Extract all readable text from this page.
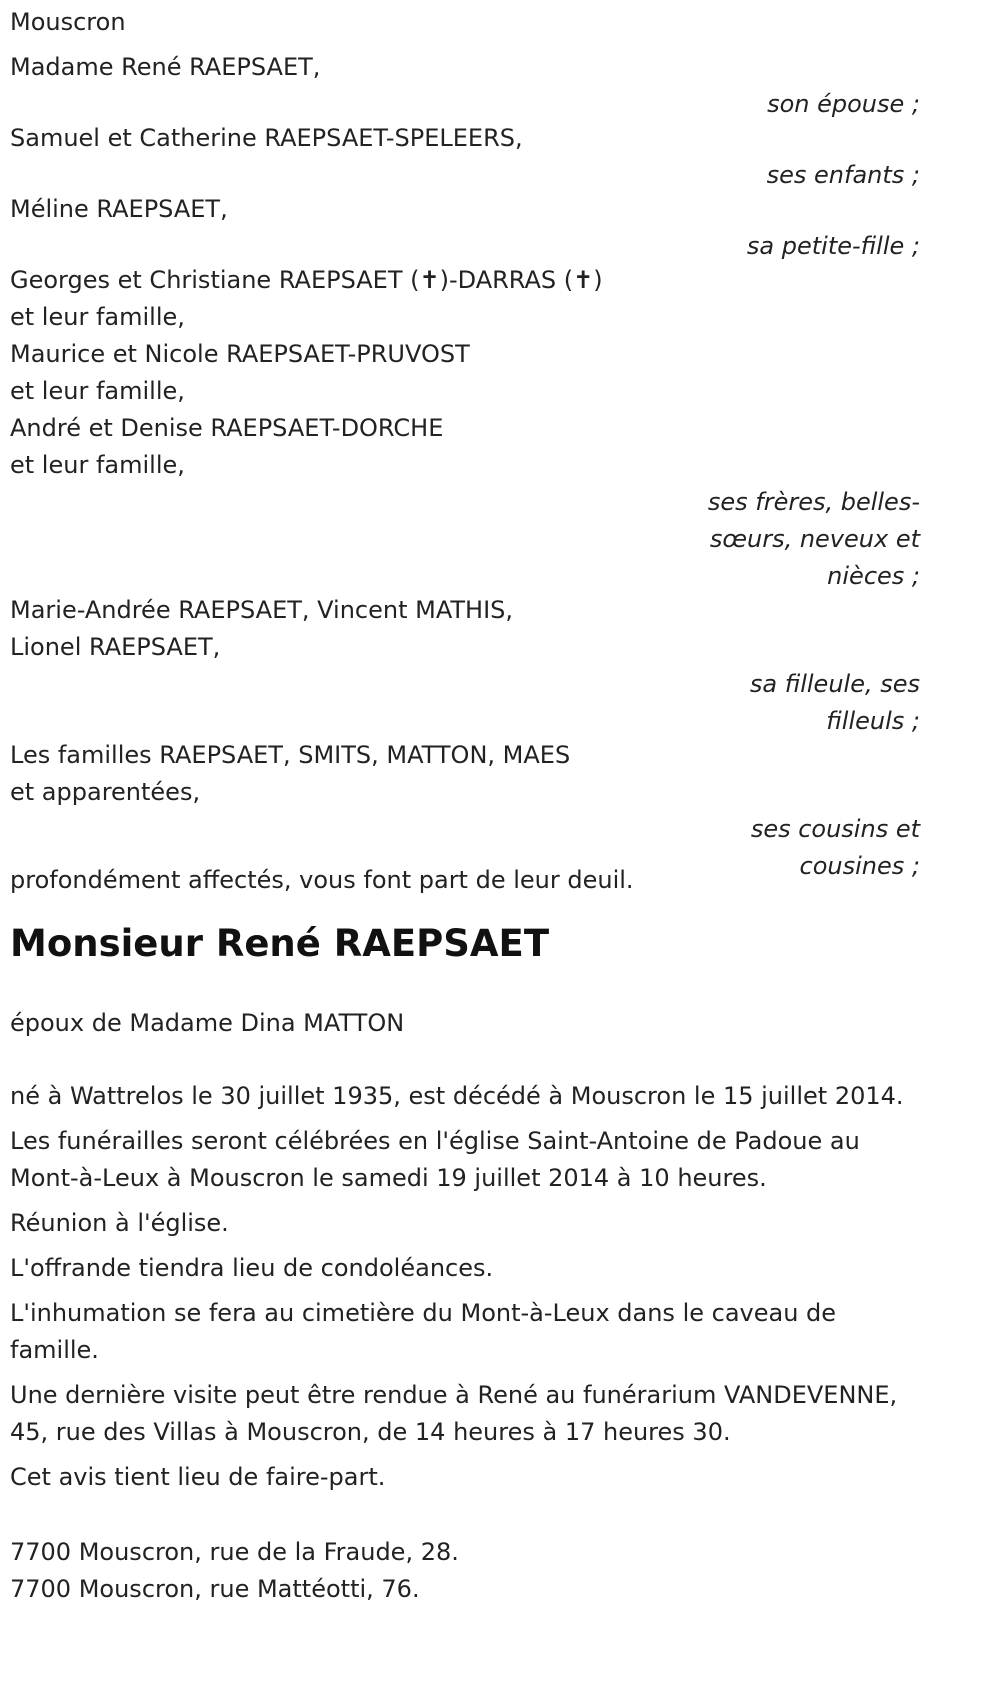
Mouscron
Madame René RAEPSAET,
son épouse ;
Samuel et Catherine RAEPSAET-SPELEERS,
ses enfants ;
Méline RAEPSAET,
sa petite-fille ;
Georges et Christiane RAEPSAET (✝)-DARRAS (✝)
et leur famille,
Maurice et Nicole RAEPSAET-PRUVOST
et leur famille,
André et Denise RAEPSAET-DORCHE
et leur famille,
ses frères, belles-
sœurs, neveux et
nièces ;
Marie-Andrée RAEPSAET, Vincent MATHIS,
Lionel RAEPSAET,
sa filleule, ses
filleuls ;
Les familles RAEPSAET, SMITS, MATTON, MAES
et apparentées,
ses cousins et
profondément affectés, vous font part de leur deuil.	cousines ;
Monsieur René RAEPSAET
époux de Madame Dina MATTON
né à Wattrelos le 30 juillet 1935, est décédé à Mouscron le 15 juillet 2014.
Les funérailles seront célébrées en l'église Saint-Antoine de Padoue au Mont-à-Leux à Mouscron le samedi 19 juillet 2014 à 10 heures.
Réunion à l'église.
L'offrande tiendra lieu de condoléances.
L'inhumation se fera au cimetière du Mont-à-Leux dans le caveau de famille.
Une dernière visite peut être rendue à René au funérarium VANDEVENNE, 45, rue des Villas à Mouscron, de 14 heures à 17 heures 30.
Cet avis tient lieu de faire-part.
7700 Mouscron, rue de la Fraude, 28.
7700 Mouscron, rue Mattéotti, 76.
